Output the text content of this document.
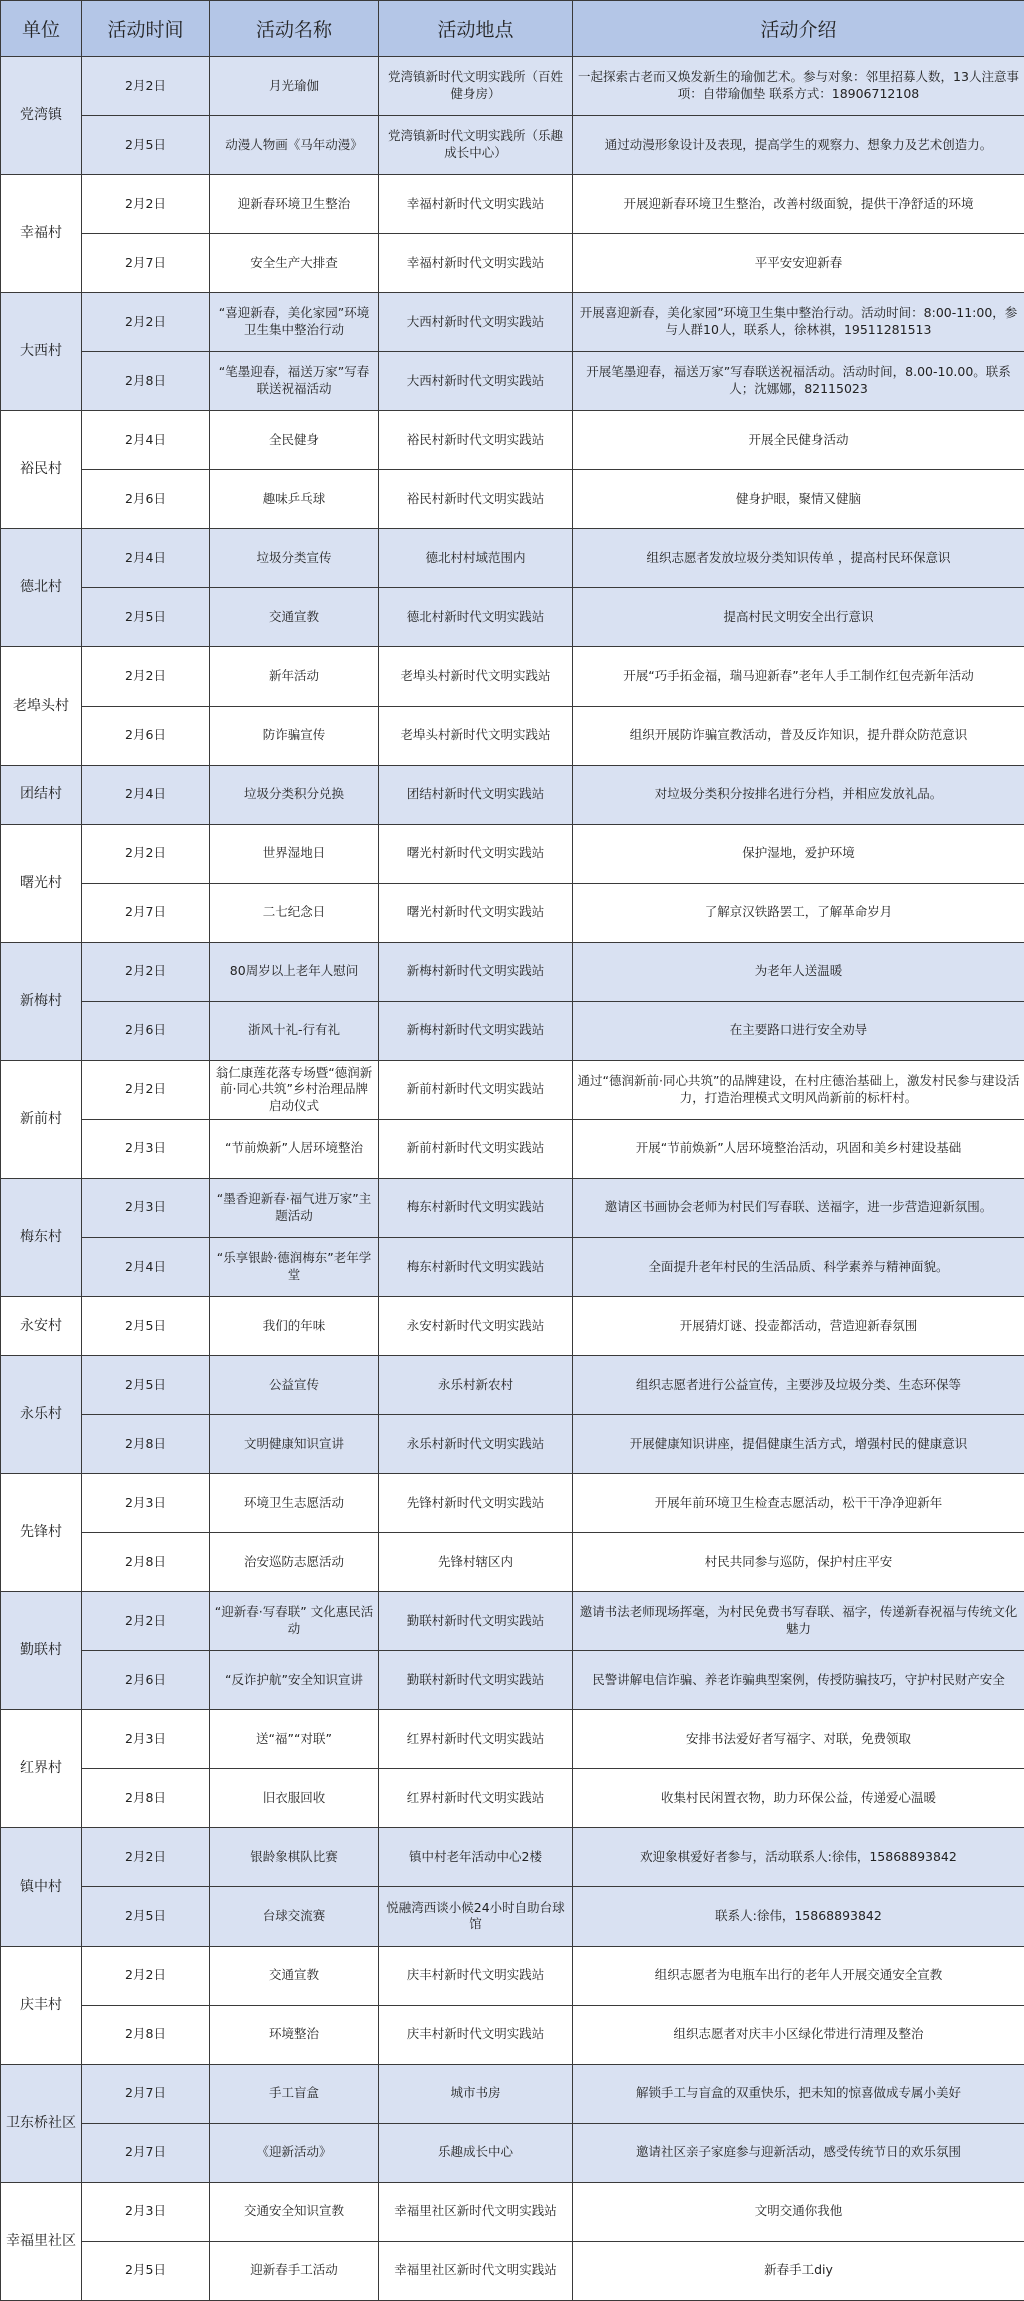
单位	活动时间	活动名称	活动地点	活动介绍
党湾镇	2月2日	月光瑜伽	党湾镇新时代文明实践所（百姓健身房）	一起探索古老而又焕发新生的瑜伽艺术。参与对象：邻里招募人数，13人注意事项：自带瑜伽垫 联系方式：18906712108
	2月5日	动漫人物画《马年动漫》	党湾镇新时代文明实践所（乐趣成长中心）	通过动漫形象设计及表现，提高学生的观察力、想象力及艺术创造力。
幸福村	2月2日	迎新春环境卫生整治	幸福村新时代文明实践站	开展迎新春环境卫生整治，改善村级面貌，提供干净舒适的环境
	2月7日	安全生产大排查	幸福村新时代文明实践站	平平安安迎新春
大西村	2月2日	“喜迎新春，美化家园”环境卫生集中整治行动	大西村新时代文明实践站	开展喜迎新春，美化家园”环境卫生集中整治行动。活动时间：8:00-11:00，参与人群10人，联系人，徐林祺，19511281513
	2月8日	“笔墨迎春，福送万家”写春联送祝福活动	大西村新时代文明实践站	开展笔墨迎春，福送万家”写春联送祝福活动。活动时间，8.00-10.00。联系人；沈娜娜，82115023
裕民村	2月4日	全民健身	裕民村新时代文明实践站	开展全民健身活动
	2月6日	趣味乒乓球	裕民村新时代文明实践站	健身护眼，聚情又健脑
德北村	2月4日	垃圾分类宣传	德北村村域范围内	组织志愿者发放垃圾分类知识传单 ，提高村民环保意识
	2月5日	交通宣教	德北村新时代文明实践站	提高村民文明安全出行意识
老埠头村	2月2日	新年活动	老埠头村新时代文明实践站	开展“巧手拓金福，瑞马迎新春”老年人手工制作红包壳新年活动
	2月6日	防诈骗宣传	老埠头村新时代文明实践站	组织开展防诈骗宣教活动，普及反诈知识，提升群众防范意识
团结村	2月4日	垃圾分类积分兑换	团结村新时代文明实践站	对垃圾分类积分按排名进行分档，并相应发放礼品。
曙光村	2月2日	世界湿地日	曙光村新时代文明实践站	保护湿地，爱护环境
	2月7日	二七纪念日	曙光村新时代文明实践站	了解京汉铁路罢工，了解革命岁月
新梅村	2月2日	80周岁以上老年人慰问	新梅村新时代文明实践站	为老年人送温暖
	2月6日	浙风十礼-行有礼	新梅村新时代文明实践站	在主要路口进行安全劝导
新前村	2月2日	翁仁康莲花落专场暨“德润新前·同心共筑”乡村治理品牌启动仪式	新前村新时代文明实践站	通过“德润新前·同心共筑”的品牌建设，在村庄德治基础上，激发村民参与建设活力，打造治理模式文明风尚新前的标杆村。
	2月3日	“节前焕新”人居环境整治	新前村新时代文明实践站	开展“节前焕新”人居环境整治活动，巩固和美乡村建设基础
梅东村	2月3日	“墨香迎新春·福气进万家”主题活动	梅东村新时代文明实践站	邀请区书画协会老师为村民们写春联、送福字，进一步营造迎新氛围。
	2月4日	“乐享银龄·德润梅东”老年学堂	梅东村新时代文明实践站	全面提升老年村民的生活品质、科学素养与精神面貌。
永安村	2月5日	我们的年味	永安村新时代文明实践站	开展猜灯谜、投壶都活动，营造迎新春氛围
永乐村	2月5日	公益宣传	永乐村新农村	组织志愿者进行公益宣传，主要涉及垃圾分类、生态环保等
	2月8日	文明健康知识宣讲	永乐村新时代文明实践站	开展健康知识讲座，提倡健康生活方式，增强村民的健康意识
先锋村	2月3日	环境卫生志愿活动	先锋村新时代文明实践站	开展年前环境卫生检查志愿活动，松干干净净迎新年
	2月8日	治安巡防志愿活动	先锋村辖区内	村民共同参与巡防，保护村庄平安
勤联村	2月2日	“迎新春·写春联” 文化惠民活动	勤联村新时代文明实践站	邀请书法老师现场挥毫，为村民免费书写春联、福字，传递新春祝福与传统文化魅力
	2月6日	“反诈护航”安全知识宣讲	勤联村新时代文明实践站	民警讲解电信诈骗、养老诈骗典型案例，传授防骗技巧，守护村民财产安全
红界村	2月3日	送“福”“对联”	红界村新时代文明实践站	安排书法爱好者写福字、对联，免费领取
	2月8日	旧衣服回收	红界村新时代文明实践站	收集村民闲置衣物，助力环保公益，传递爱心温暖
镇中村	2月2日	银龄象棋队比赛	镇中村老年活动中心2楼	欢迎象棋爱好者参与，活动联系人:徐伟，15868893842
	2月5日	台球交流赛	悦融湾西谈小候24小时自助台球馆	联系人:徐伟，15868893842
庆丰村	2月2日	交通宣教	庆丰村新时代文明实践站	组织志愿者为电瓶车出行的老年人开展交通安全宣教
	2月8日	环境整治	庆丰村新时代文明实践站	组织志愿者对庆丰小区绿化带进行清理及整治
卫东桥社区	2月7日	手工盲盒	城市书房	解锁手工与盲盒的双重快乐，把未知的惊喜做成专属小美好
	2月7日	《迎新活动》	乐趣成长中心	邀请社区亲子家庭参与迎新活动，感受传统节日的欢乐氛围
幸福里社区	2月3日	交通安全知识宣教	幸福里社区新时代文明实践站	文明交通你我他
	2月5日	迎新春手工活动	幸福里社区新时代文明实践站	新春手工diy
